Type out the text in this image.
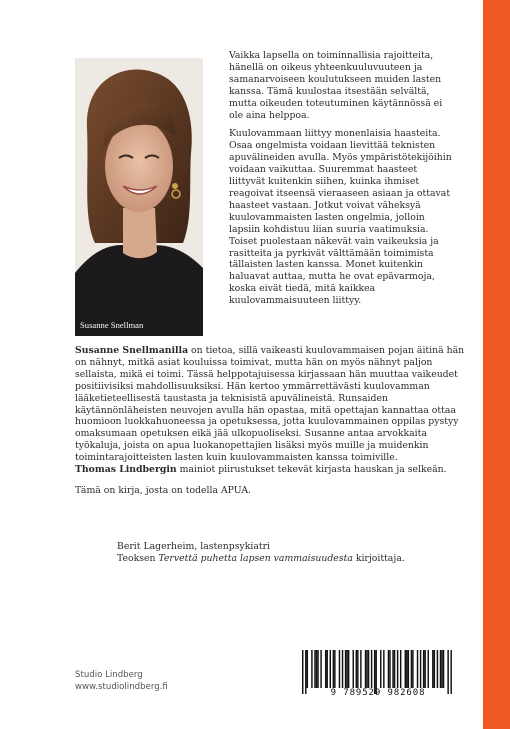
Susanne Snellman

Vaikka lapsella on toiminnallisia rajoitteita, hänellä on oikeus yhteenkuuluvuuteen ja samanarvoiseen koulutukseen muiden lasten kanssa. Tämä kuulostaa itsestään selvältä, mutta oikeuden toteutuminen käytännössä ei ole aina helppoa.

Kuulovammaan liittyy monenlaisia haasteita. Osaa ongelmista voidaan lievittää teknisten apuvälineiden avulla. Myös ympäristötekijöihin voidaan vaikuttaa. Suuremmat haasteet liittyvät kuitenkin siihen, kuinka ihmiset reagoivat itseensä vieraaseen asiaan ja ottavat haasteet vastaan. Jotkut voivat väheksyä kuulovammaisten lasten ongelmia, jolloin lapsiin kohdistuu liian suuria vaatimuksia. Toiset puolestaan näkevät vain vaikeuksia ja rasitteita ja pyrkivät välttämään toimimista tällaisten lasten kanssa. Monet kuitenkin haluavat auttaa, mutta he ovat epävarmoja, koska eivät tiedä, mitä kaikkea kuulovammaisuuteen liittyy.

Susanne Snellmanilla on tietoa, sillä vaikeasti kuulovammaisen pojan äitinä hän on nähnyt, mitkä asiat kouluissa toimivat, mutta hän on myös nähnyt paljon sellaista, mikä ei toimi. Tässä helppotajuisessa kirjassaan hän muuttaa vaikeudet positiivisiksi mahdollisuuksiksi. Hän kertoo ymmärrettävästi kuulovamman lääketieteellisestä taustasta ja teknisistä apuvälineistä. Runsaiden käytännönläheisten neuvojen avulla hän opastaa, mitä opettajan kannattaa ottaa huomioon luokkahuoneessa ja opetuksessa, jotta kuulovammainen oppilas pystyy omaksumaan opetuksen eikä jää ulkopuoliseksi. Susanne antaa arvokkaita työkaluja, joista on apua luokanopettajien lisäksi myös muille ja muidenkin toimintarajoitteisten lasten kuin kuulovammaisten kanssa toimiville.

Thomas Lindbergin mainiot piirustukset tekevät kirjasta hauskan ja selkeän.

Tämä on kirja, josta on todella APUA.

Berit Lagerheim, lastenpsykiatri

Teoksen Tervettä puhetta lapsen vammaisuudesta kirjoittaja.

Studio Lindberg
www.studiolindberg.fi
9 789529 982608
